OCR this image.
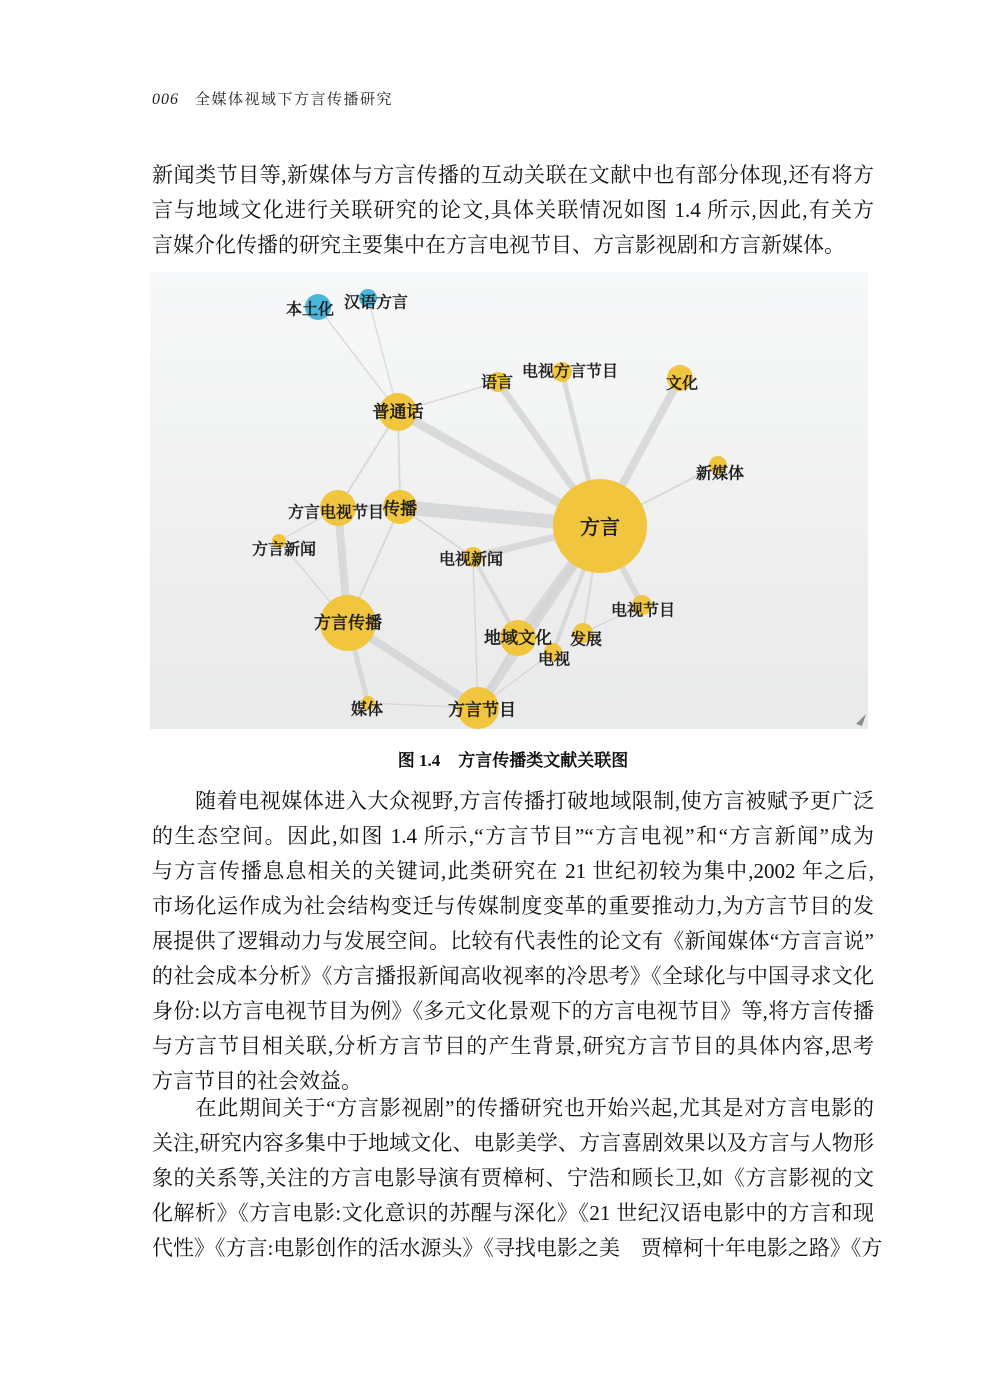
006 全媒体视域下方言传播研究
新闻类节目等,新媒体与方言传播的互动关联在文献中也有部分体现,还有将方
言与地域文化进行关联研究的论文,具体关联情况如图 1.4 所示,因此,有关方
言媒介化传播的研究主要集中在方言电视节目、方言影视剧和方言新媒体。
本土化 汉语方言
普通话
语言
电视方言节目
文化
新媒体
方言
传播
方言电视节目
方言新闻
电视新闻
方言传播
地域文化 发展
电视
电视节目
方言节目
媒体
图 1.4 方言传播类文献关联图
　　随着电视媒体进入大众视野,方言传播打破地域限制,使方言被赋予更广泛
的生态空间。因此,如图 1.4 所示,“方言节目”“方言电视”和“方言新闻”成为
与方言传播息息相关的关键词,此类研究在 21 世纪初较为集中,2002 年之后,
市场化运作成为社会结构变迁与传媒制度变革的重要推动力,为方言节目的发
展提供了逻辑动力与发展空间。比较有代表性的论文有《新闻媒体“方言言说”
的社会成本分析》《方言播报新闻高收视率的冷思考》《全球化与中国寻求文化
身份:以方言电视节目为例》《多元文化景观下的方言电视节目》等,将方言传播
与方言节目相关联,分析方言节目的产生背景,研究方言节目的具体内容,思考
方言节目的社会效益。
　　在此期间关于“方言影视剧”的传播研究也开始兴起,尤其是对方言电影的
关注,研究内容多集中于地域文化、电影美学、方言喜剧效果以及方言与人物形
象的关系等,关注的方言电影导演有贾樟柯、宁浩和顾长卫,如《方言影视的文
化解析》《方言电影:文化意识的苏醒与深化》《21 世纪汉语电影中的方言和现
代性》《方言:电影创作的活水源头》《寻找电影之美　贾樟柯十年电影之路》《方
